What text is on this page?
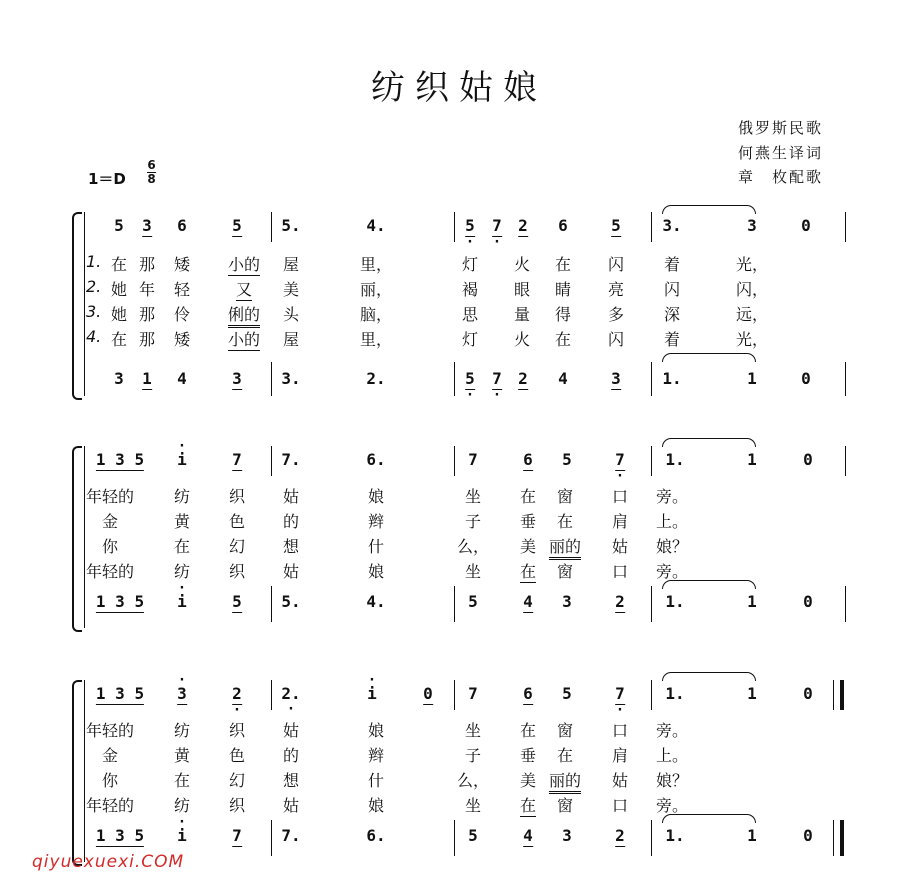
纺织姑娘
俄罗斯民歌
何燕生译词
章　枚配歌
1＝D
6
8
5 3 6	5 5.	4.	5 · 7 · 2 6	5	3.	3	0
3 1 4	3 3.	2.	5 · 7 · 2 4	3	1.	1	0
1. 在 那 矮 小的 屋	里，	灯 火 在 闪 着	光，
2. 她 年 轻	又 美	丽，	褐 眼 睛 亮 闪	闪，
3. 她 那 伶 俐的 头	脑，	思 量 得 多 深	远，
4. 在 那 矮 小的 屋	里，	灯 火 在 闪 着	光，
1 3 5 · i	7 7.	6.	7	6 5	7 ·	1.	1	0
1 3 5 · i	5 5.	4.	5	4 3	2	1.	1	0
年轻的 纺 织 姑	娘	坐 在 窗 口 旁。
金	黄 色 的	辫	子 垂 在 肩 上。
你	在 幻 想	什	么， 美 丽的 姑 娘？
年轻的 纺 织 姑	娘	坐 在 窗 口 旁。
1 3 5 · 3	2 · 2. ·	· i	0 7	6 5	7 ·	1.	1	0
1 3 5 · i	7 7.	6.	5	4 3	2	1.	1	0
年轻的 纺 织 姑	娘	坐 在 窗 口 旁。
金	黄 色 的	辫	子 垂 在 肩 上。
你	在 幻 想	什	么， 美 丽的 姑 娘？
年轻的 纺 织 姑	娘	坐 在 窗 口 旁。
qiyuexuexi.COM
